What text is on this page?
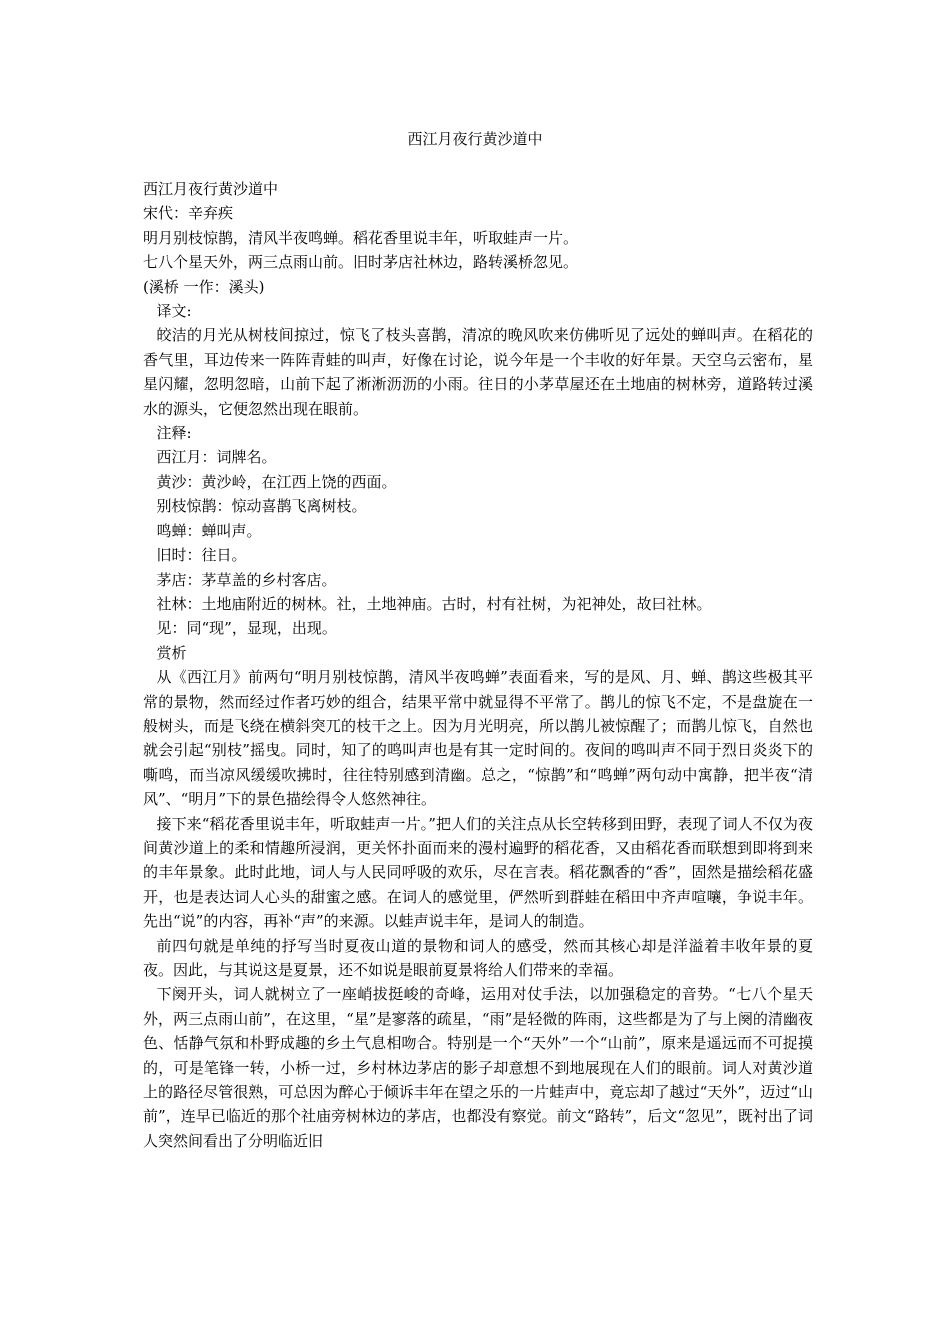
西江月夜行黄沙道中
西江月夜行黄沙道中
宋代：辛弃疾
明月别枝惊鹊，清风半夜鸣蝉。稻花香里说丰年，听取蛙声一片。
七八个星天外，两三点雨山前。旧时茅店社林边，路转溪桥忽见。
(溪桥 一作：溪头)
译文:

皎洁的月光从树枝间掠过，惊飞了枝头喜鹊，清凉的晚风吹来仿佛听见了远处的蝉叫声。在稻花的香气里，耳边传来一阵阵青蛙的叫声，好像在讨论，说今年是一个丰收的好年景。天空乌云密布，星星闪耀，忽明忽暗，山前下起了淅淅沥沥的小雨。往日的小茅草屋还在土地庙的树林旁，道路转过溪水的源头，它便忽然出现在眼前。

注释:
西江月：词牌名。
黄沙：黄沙岭，在江西上饶的西面。
别枝惊鹊：惊动喜鹊飞离树枝。
鸣蝉：蝉叫声。
旧时：往日。
茅店：茅草盖的乡村客店。
社林：土地庙附近的树林。社，土地神庙。古时，村有社树，为祀神处，故曰社林。
见：同“现”，显现，出现。
赏析

从《西江月》前两句“明月别枝惊鹊，清风半夜鸣蝉”表面看来，写的是风、月、蝉、鹊这些极其平常的景物，然而经过作者巧妙的组合，结果平常中就显得不平常了。鹊儿的惊飞不定，不是盘旋在一般树头，而是飞绕在横斜突兀的枝干之上。因为月光明亮，所以鹊儿被惊醒了；而鹊儿惊飞，自然也就会引起“别枝”摇曳。同时，知了的鸣叫声也是有其一定时间的。夜间的鸣叫声不同于烈日炎炎下的嘶鸣，而当凉风缓缓吹拂时，往往特别感到清幽。总之，“惊鹊”和“鸣蝉”两句动中寓静，把半夜“清风”、“明月”下的景色描绘得令人悠然神往。

接下来“稻花香里说丰年，听取蛙声一片。”把人们的关注点从长空转移到田野，表现了词人不仅为夜间黄沙道上的柔和情趣所浸润，更关怀扑面而来的漫村遍野的稻花香，又由稻花香而联想到即将到来的丰年景象。此时此地，词人与人民同呼吸的欢乐，尽在言表。稻花飘香的“香”，固然是描绘稻花盛开，也是表达词人心头的甜蜜之感。在词人的感觉里，俨然听到群蛙在稻田中齐声喧嚷，争说丰年。先出“说”的内容，再补“声”的来源。以蛙声说丰年，是词人的制造。

前四句就是单纯的抒写当时夏夜山道的景物和词人的感受，然而其核心却是洋溢着丰收年景的夏夜。因此，与其说这是夏景，还不如说是眼前夏景将给人们带来的幸福。

下阕开头，词人就树立了一座峭拔挺峻的奇峰，运用对仗手法，以加强稳定的音势。“七八个星天外，两三点雨山前”，在这里，“星”是寥落的疏星，“雨”是轻微的阵雨，这些都是为了与上阕的清幽夜色、恬静气氛和朴野成趣的乡土气息相吻合。特别是一个“天外”一个“山前”，原来是遥远而不可捉摸的，可是笔锋一转，小桥一过，乡村林边茅店的影子却意想不到地展现在人们的眼前。词人对黄沙道上的路径尽管很熟，可总因为醉心于倾诉丰年在望之乐的一片蛙声中，竟忘却了越过“天外”，迈过“山前”，连早已临近的那个社庙旁树林边的茅店，也都没有察觉。前文“路转”，后文“忽见”，既衬出了词人突然间看出了分明临近旧
